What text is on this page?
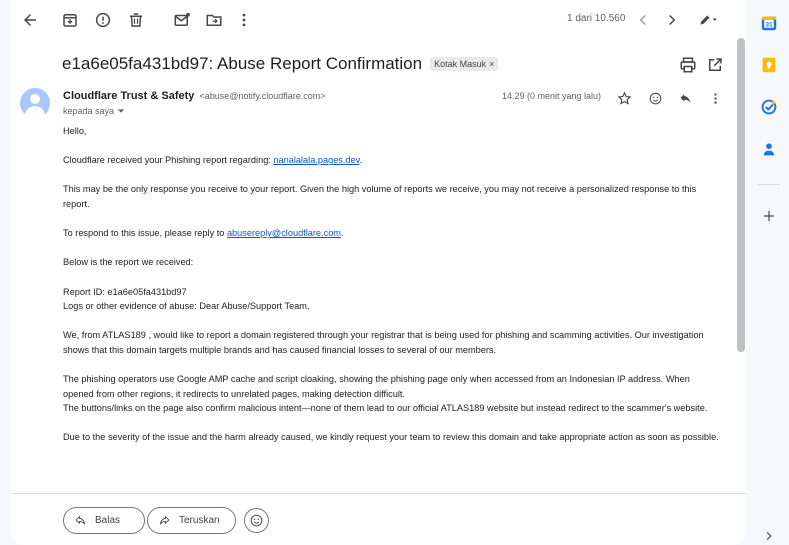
1 dari 10.560
e1a6e05fa431bd97: Abuse Report Confirmation Kotak Masuk ×
Cloudflare Trust & Safety <abuse@notify.cloudflare.com>
kepada saya
14.29 (0 menit yang lalu)

Hello,

Cloudflare received your Phishing report regarding: nanalalala.pages.dev.

This may be the only response you receive to your report. Given the high volume of reports we receive, you may not receive a personalized response to this report.

To respond to this issue, please reply to abusereply@cloudflare.com.

Below is the report we received:

Report ID: e1a6e05fa431bd97

Logs or other evidence of abuse: Dear Abuse/Support Team,

We, from ATLAS189 , would like to report a domain registered through your registrar that is being used for phishing and scamming activities. Our investigation shows that this domain targets multiple brands and has caused financial losses to several of our members.

The phishing operators use Google AMP cache and script cloaking, showing the phishing page only when accessed from an Indonesian IP address. When opened from other regions, it redirects to unrelated pages, making detection difficult.

The buttons/links on the page also confirm malicious intent—none of them lead to our official ATLAS189 website but instead redirect to the scammer's website.

Due to the severity of the issue and the harm already caused, we kindly request your team to review this domain and take appropriate action as soon as possible.

Balas	Teruskan
31
